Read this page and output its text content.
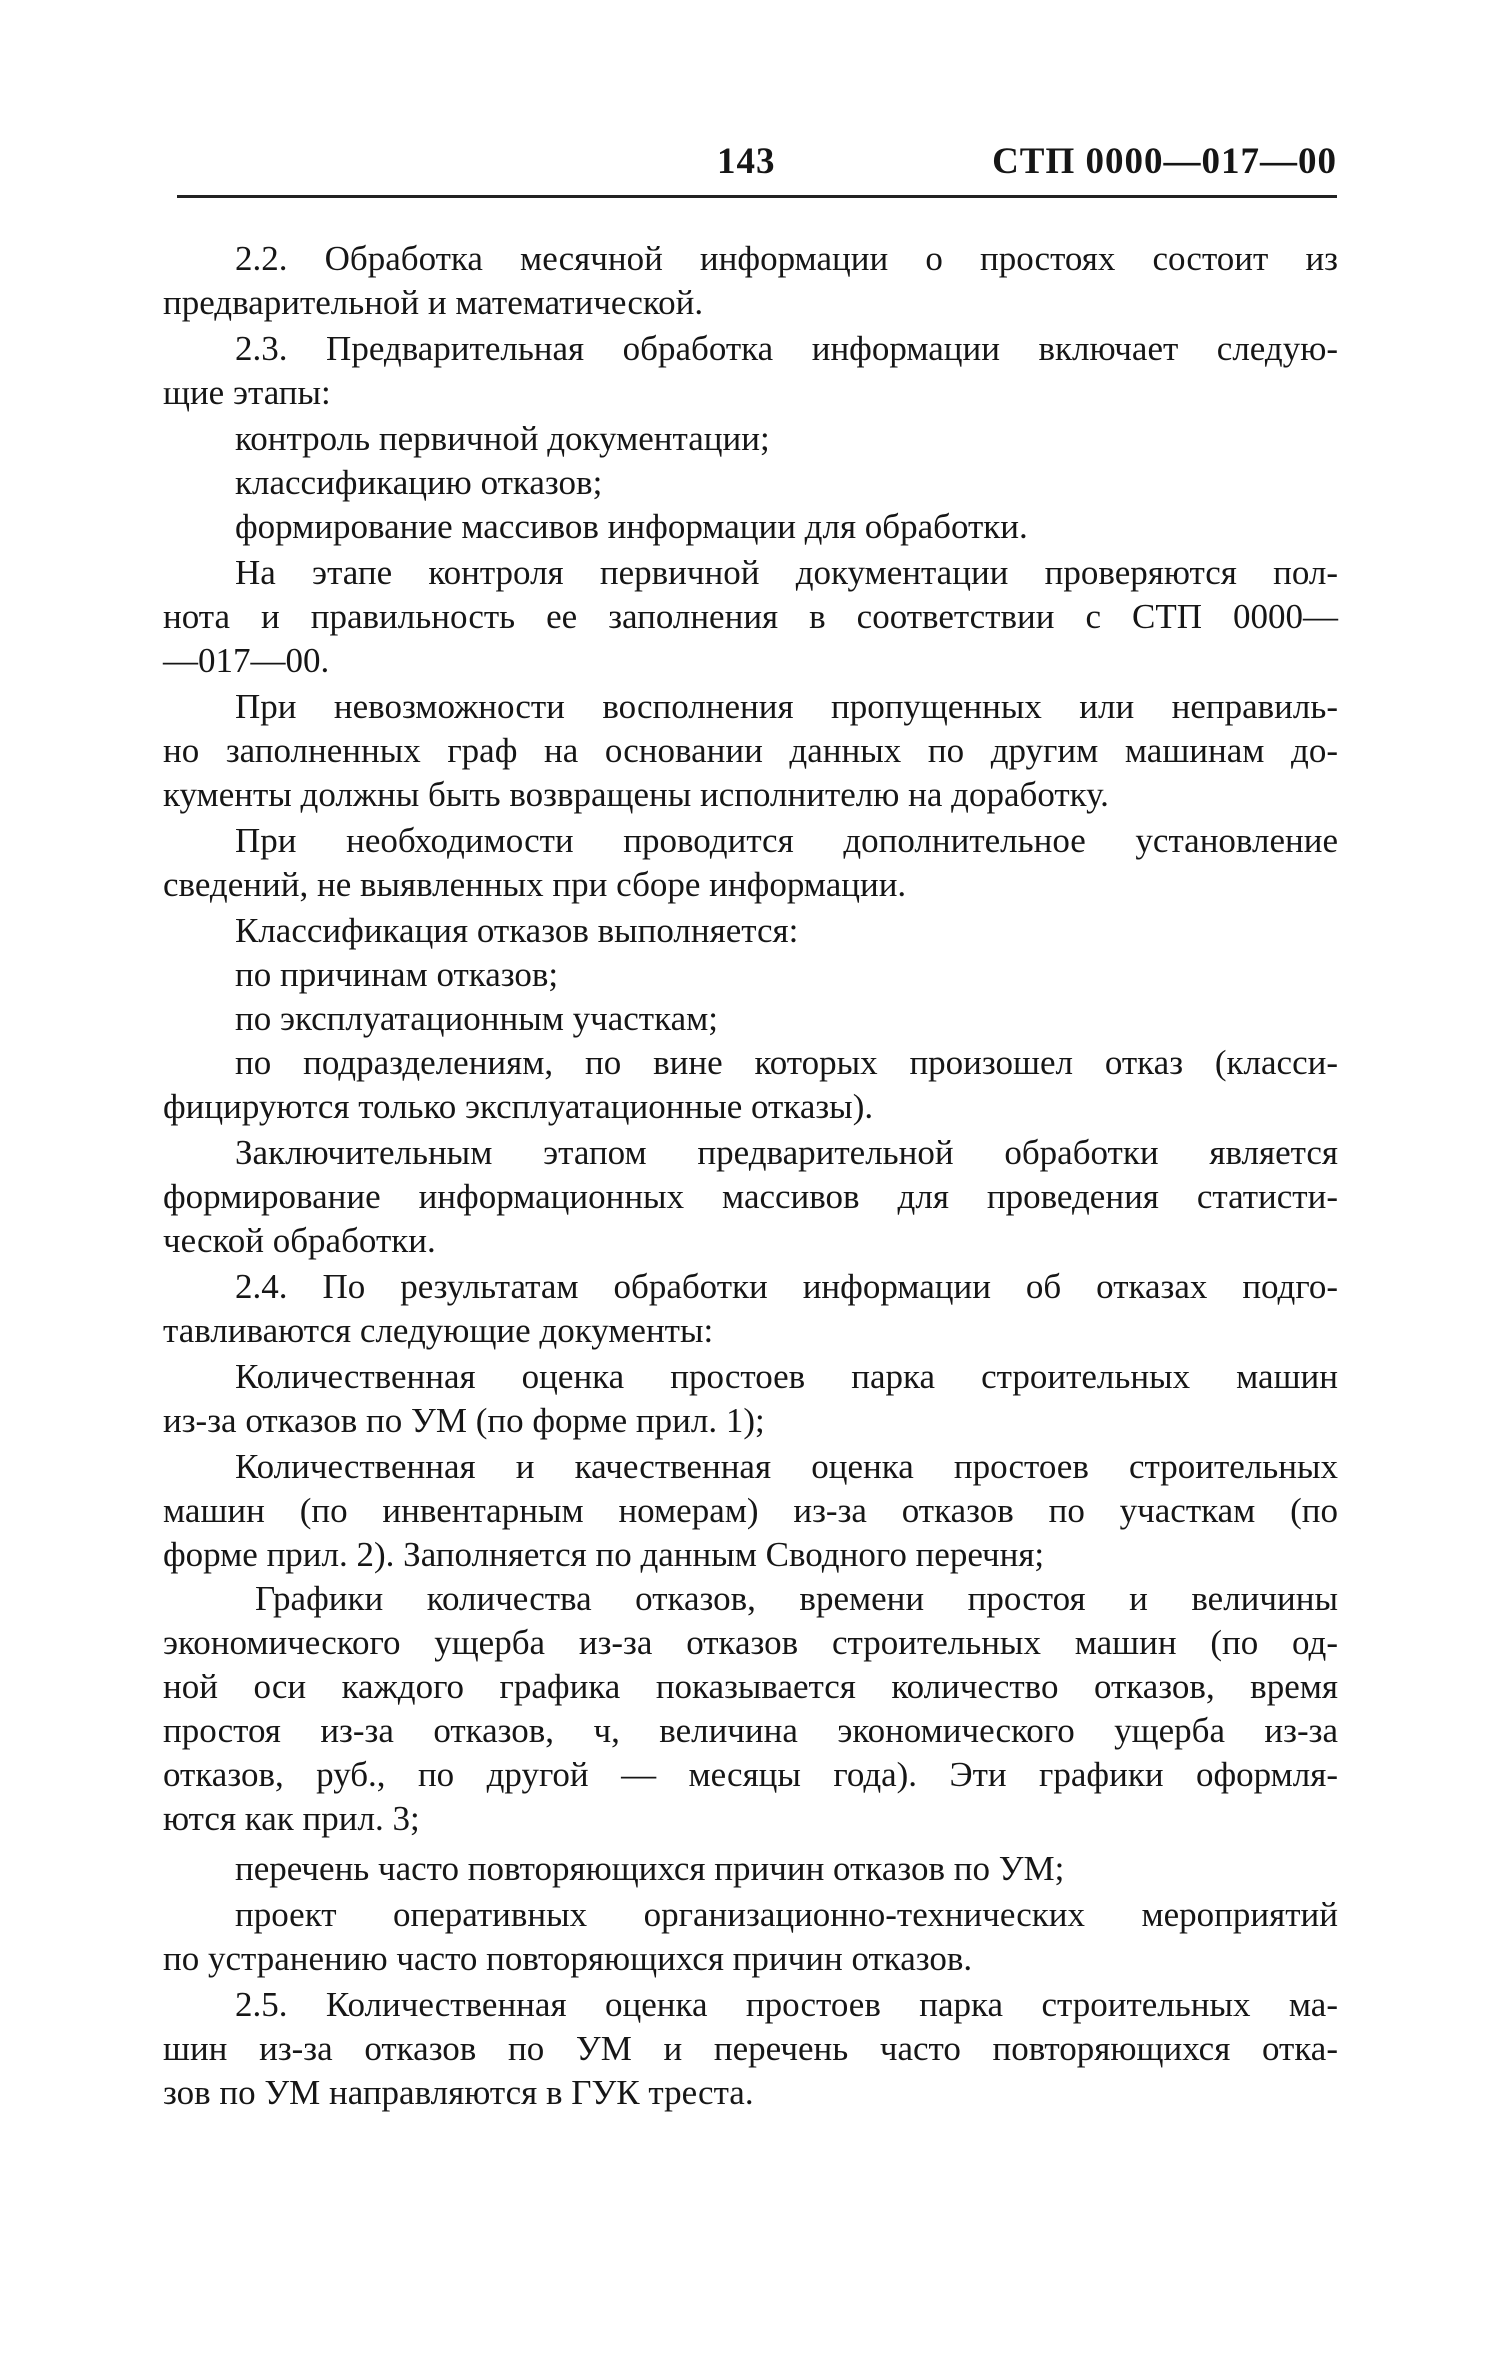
143	СТП 0000—017—00
2.2. Обработка месячной информации о простоях состоит из
предварительной и математической.
2.3. Предварительная обработка информации включает следую-
щие этапы:
контроль первичной документации;
классификацию отказов;
формирование массивов информации для обработки.
На этапе контроля первичной документации проверяются пол-
нота и правильность ее заполнения в соответствии с СТП 0000—
—017—00.
При невозможности восполнения пропущенных или неправиль-
но заполненных граф на основании данных по другим машинам до-
кументы должны быть возвращены исполнителю на доработку.
При необходимости проводится дополнительное установление
сведений, не выявленных при сборе информации.
Классификация отказов выполняется:
по причинам отказов;
по эксплуатационным участкам;
по подразделениям, по вине которых произошел отказ (класси-
фицируются только эксплуатационные отказы).
Заключительным этапом предварительной обработки является
формирование информационных массивов для проведения статисти-
ческой обработки.
2.4. По результатам обработки информации об отказах подго-
тавливаются следующие документы:
Количественная оценка простоев парка строительных машин
из-за отказов по УМ (по форме прил. 1);
Количественная и качественная оценка простоев строительных
машин (по инвентарным номерам) из-за отказов по участкам (по
форме прил. 2). Заполняется по данным Сводного перечня;
Графики количества отказов, времени простоя и величины
экономического ущерба из-за отказов строительных машин (по од-
ной оси каждого графика показывается количество отказов, время
простоя из-за отказов, ч, величина экономического ущерба из-за
отказов, руб., по другой — месяцы года). Эти графики оформля-
ются как прил. 3;
перечень часто повторяющихся причин отказов по УМ;
проект оперативных организационно-технических мероприятий
по устранению часто повторяющихся причин отказов.
2.5. Количественная оценка простоев парка строительных ма-
шин из-за отказов по УМ и перечень часто повторяющихся отка-
зов по УМ направляются в ГУК треста.
